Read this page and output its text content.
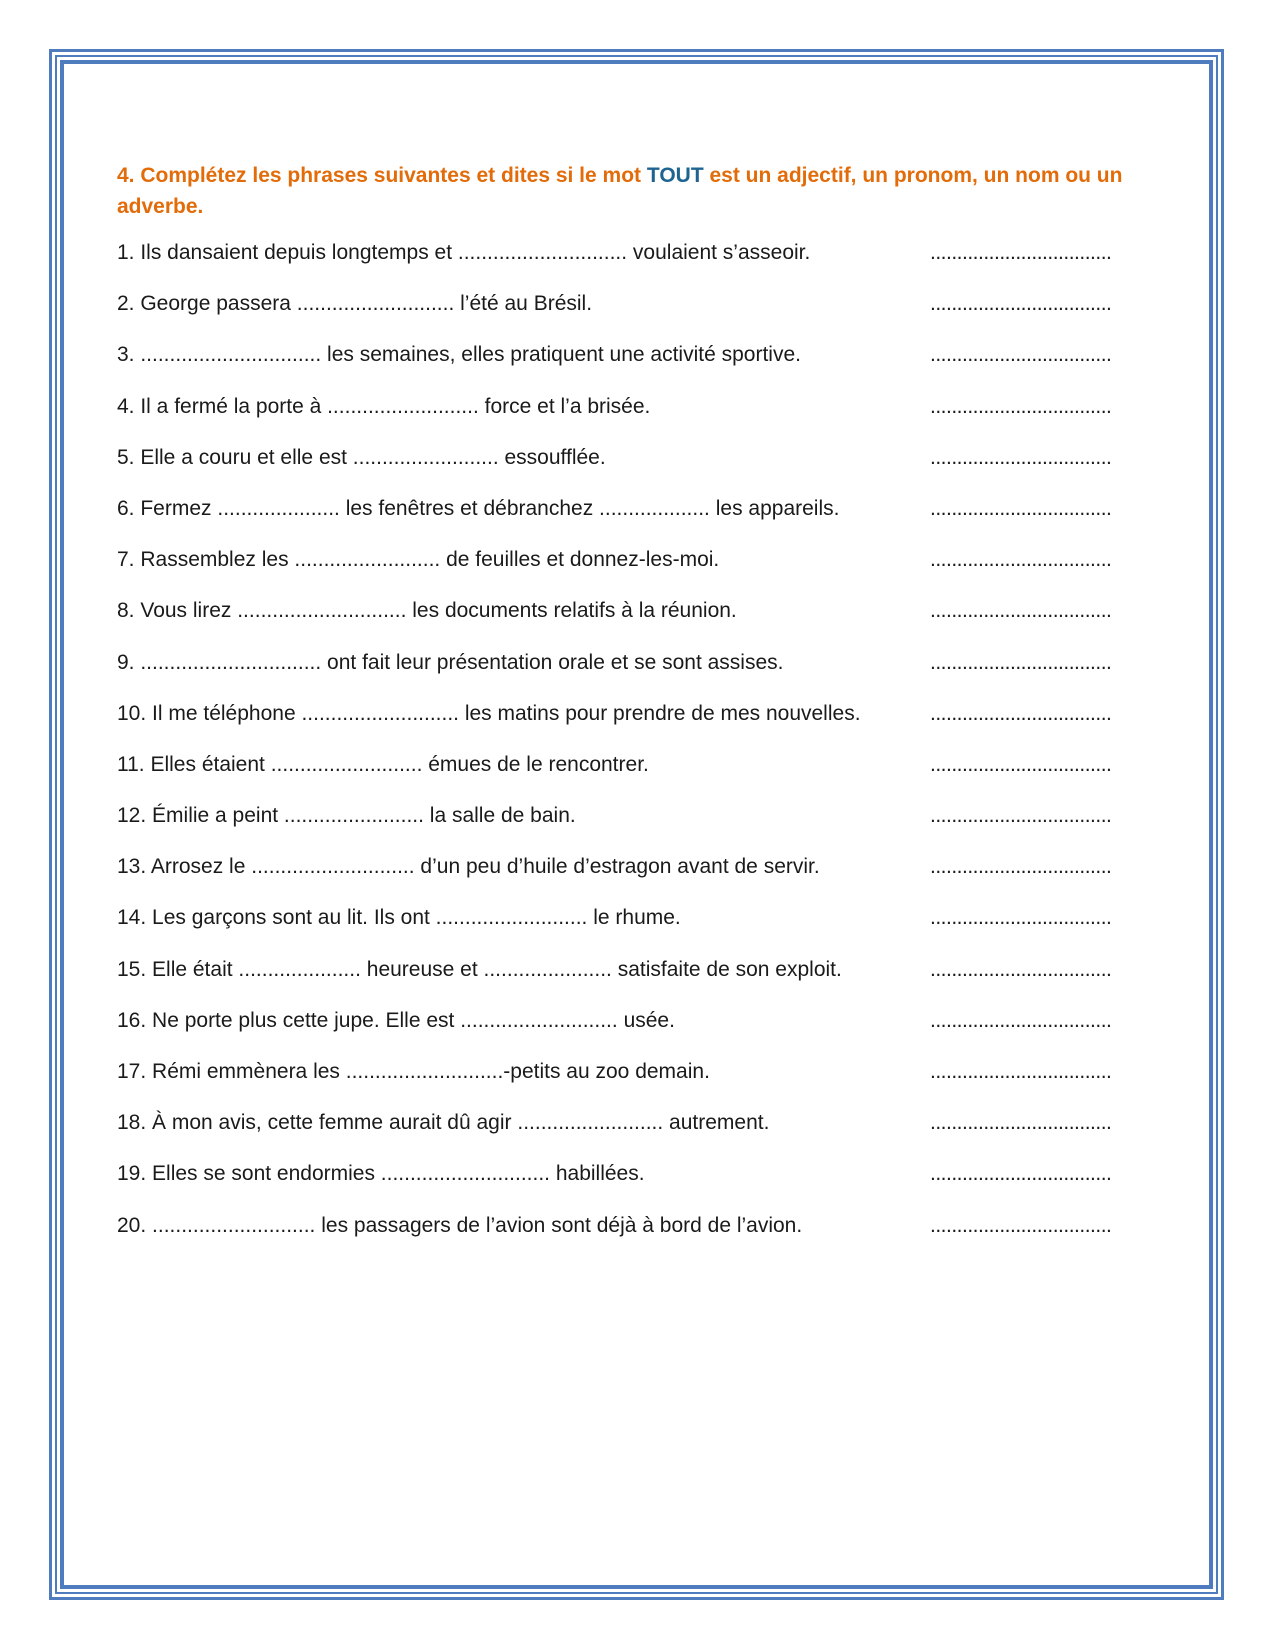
4. Complétez les phrases suivantes et dites si le mot TOUT est un adjectif, un pronom, un nom ou un adverbe.

1. Ils dansaient depuis longtemps et ............................. voulaient s’asseoir.	..................................
2. George passera ........................... l’été au Brésil.	..................................
3. ............................... les semaines, elles pratiquent une activité sportive.	..................................
4. Il a fermé la porte à .......................... force et l’a brisée.	..................................
5. Elle a couru et elle est ......................... essoufflée.	..................................
6. Fermez ..................... les fenêtres et débranchez ................... les appareils.	..................................
7. Rassemblez les ......................... de feuilles et donnez-les-moi.	..................................
8. Vous lirez ............................. les documents relatifs à la réunion.	..................................
9. ............................... ont fait leur présentation orale et se sont assises.	..................................
10. Il me téléphone ........................... les matins pour prendre de mes nouvelles.	..................................
11. Elles étaient .......................... émues de le rencontrer.	..................................
12. Émilie a peint ........................ la salle de bain.	..................................
13. Arrosez le ............................ d’un peu d’huile d’estragon avant de servir.	..................................
14. Les garçons sont au lit. Ils ont .......................... le rhume.	..................................
15. Elle était ..................... heureuse et ...................... satisfaite de son exploit.	..................................
16. Ne porte plus cette jupe. Elle est ........................... usée.	..................................
17. Rémi emmènera les ...........................-petits au zoo demain.	..................................
18. À mon avis, cette femme aurait dû agir ......................... autrement.	..................................
19. Elles se sont endormies ............................. habillées.	..................................
20. ............................ les passagers de l’avion sont déjà à bord de l’avion.	..................................
